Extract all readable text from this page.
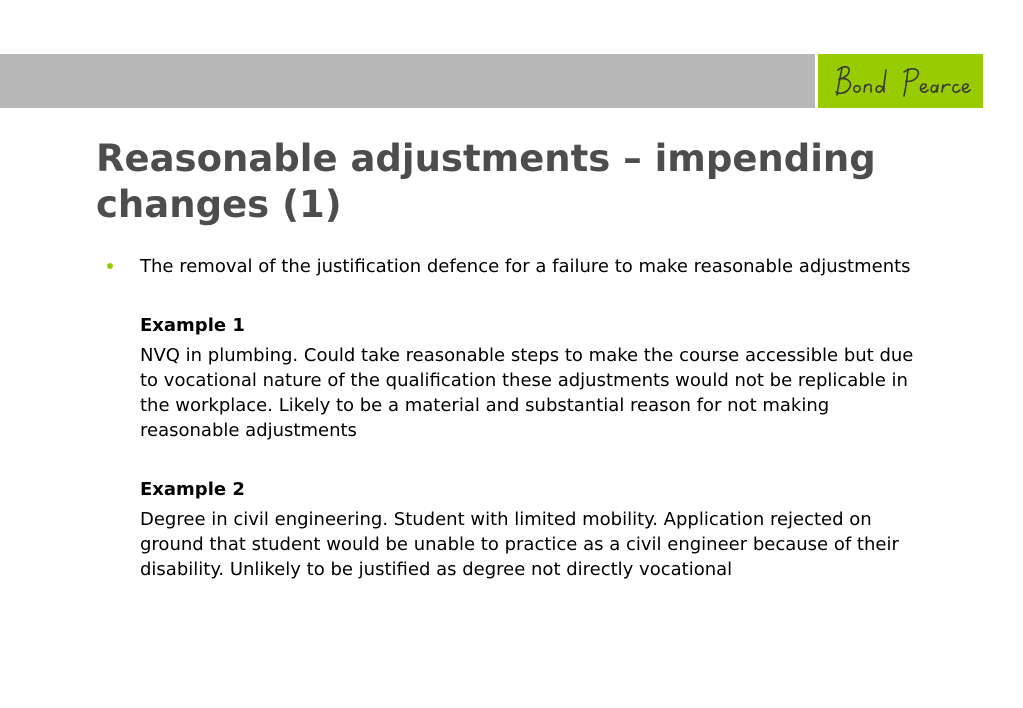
Reasonable adjustments – impending changes (1)
The removal of the justification defence for a failure to make reasonable adjustments
Example 1

NVQ in plumbing. Could take reasonable steps to make the course accessible but due to vocational nature of the qualification these adjustments would not be replicable in the workplace. Likely to be a material and substantial reason for not making reasonable adjustments

Example 2

Degree in civil engineering. Student with limited mobility. Application rejected on ground that student would be unable to practice as a civil engineer because of their disability. Unlikely to be justified as degree not directly vocational
